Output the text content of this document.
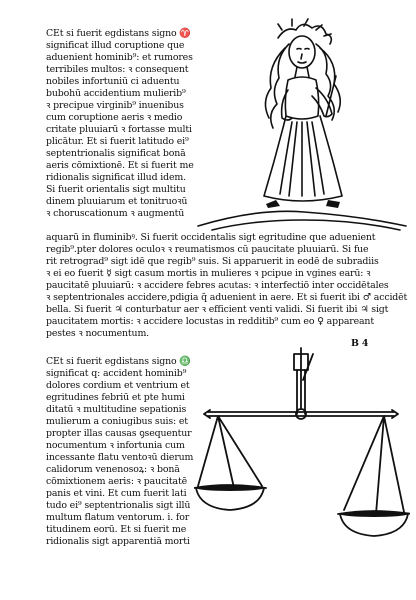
CEt si fuerit egdistans signo ♈
significat illud coruptione que
aduenient hominib⁹: et rumores
terribiles multos: ꝛ consequent
nobiles infortuniū ci aduentu
bubohū accidentium mulierib⁹
ꝛ precipue virginib⁹ inuenibus
cum coruptione aeris ꝛ medio
critate pluuiarū ꝛ fortasse multi
plicātur. Et si fuerit latitudo ei⁹
septentrionalis significat bonā
aeris cōmixtionē. Et si fuerit me
ridionalis significat illud idem.
Si fuerit orientalis sigt multitu
dinem pluuiarum et tonitruoꝛū
ꝛ choruscationum ꝛ augmentū
aquarū in fluminibꝰ. Si fuerit occidentalis sigt egritudine que aduenient
regib⁹.pter dolores oculoꝛ ꝛ reumatismos cū paucitate pluuiarū. Si fue
rit retrograd⁹ sigt idē que regib⁹ suis. Si apparuerit in eodē de subradiis
ꝛ ei eo fuerit ☿ sigt casum mortis in mulieres ꝛ pcipue in vgines earū: ꝛ
paucitatē pluuiarū: ꝛ accidere febres acutas: ꝛ interfectiō inter occidētales
ꝛ septentrionales accidere,pdigia q̄ aduenient in aere. Et si fuerit ibi ♂ accidēt
bella. Si fuerit ♃ conturbatur aer ꝛ efficient venti validi. Si fuerit ibi ♃ sigt
paucitatem mortis: ꝛ accidere locustas in redditib⁹ cum eo ♀ appareant
pestes ꝛ nocumentum.
B 4
CEt si fuerit egdistans signo ♎
significat q: accident hominib⁹
dolores cordium et ventrium et
egritudines febriū et pte humi
ditatū ꝛ multitudine sepationis
mulierum a coniugibus suis: et
propter illas causas ꝯsequentur
nocumentum ꝛ infortunia cum
incessante flatu ventoꝛū dierum
calidorum venenosoꝝ: ꝛ bonā
cōmixtionem aeris: ꝛ paucitatē
panis et vini. Et cum fuerit lati
tudo ei⁹ septentrionalis sigt illū
multum flatum ventorum. i. for
titudinem eorū. Et si fuerit me
ridionalis sigt apparentiā morti
